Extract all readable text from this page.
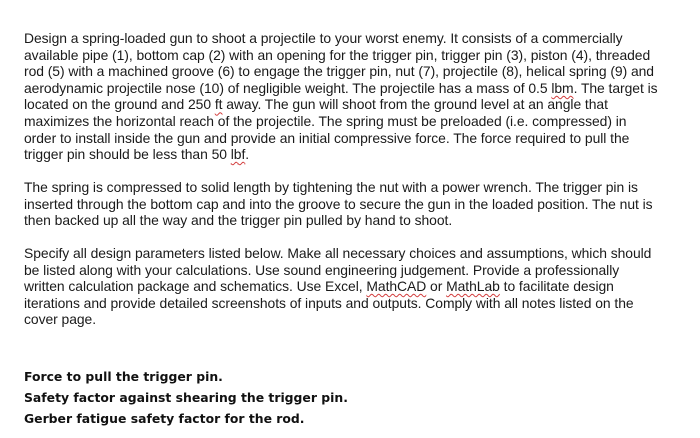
Design a spring-loaded gun to shoot a projectile to your worst enemy. It consists of a commercially
available pipe (1), bottom cap (2) with an opening for the trigger pin, trigger pin (3), piston (4), threaded
rod (5) with a machined groove (6) to engage the trigger pin, nut (7), projectile (8), helical spring (9) and
aerodynamic projectile nose (10) of negligible weight. The projectile has a mass of 0.5 lbm. The target is
located on the ground and 250 ft away. The gun will shoot from the ground level at an angle that
maximizes the horizontal reach of the projectile. The spring must be preloaded (i.e. compressed) in
order to install inside the gun and provide an initial compressive force. The force required to pull the
trigger pin should be less than 50 lbf.

The spring is compressed to solid length by tightening the nut with a power wrench. The trigger pin is
inserted through the bottom cap and into the groove to secure the gun in the loaded position. The nut is
then backed up all the way and the trigger pin pulled by hand to shoot.

Specify all design parameters listed below. Make all necessary choices and assumptions, which should
be listed along with your calculations. Use sound engineering judgement. Provide a professionally
written calculation package and schematics. Use Excel, MathCAD or MathLab to facilitate design
iterations and provide detailed screenshots of inputs and outputs. Comply with all notes listed on the
cover page.

Force to pull the trigger pin.
Safety factor against shearing the trigger pin.
Gerber fatigue safety factor for the rod.
